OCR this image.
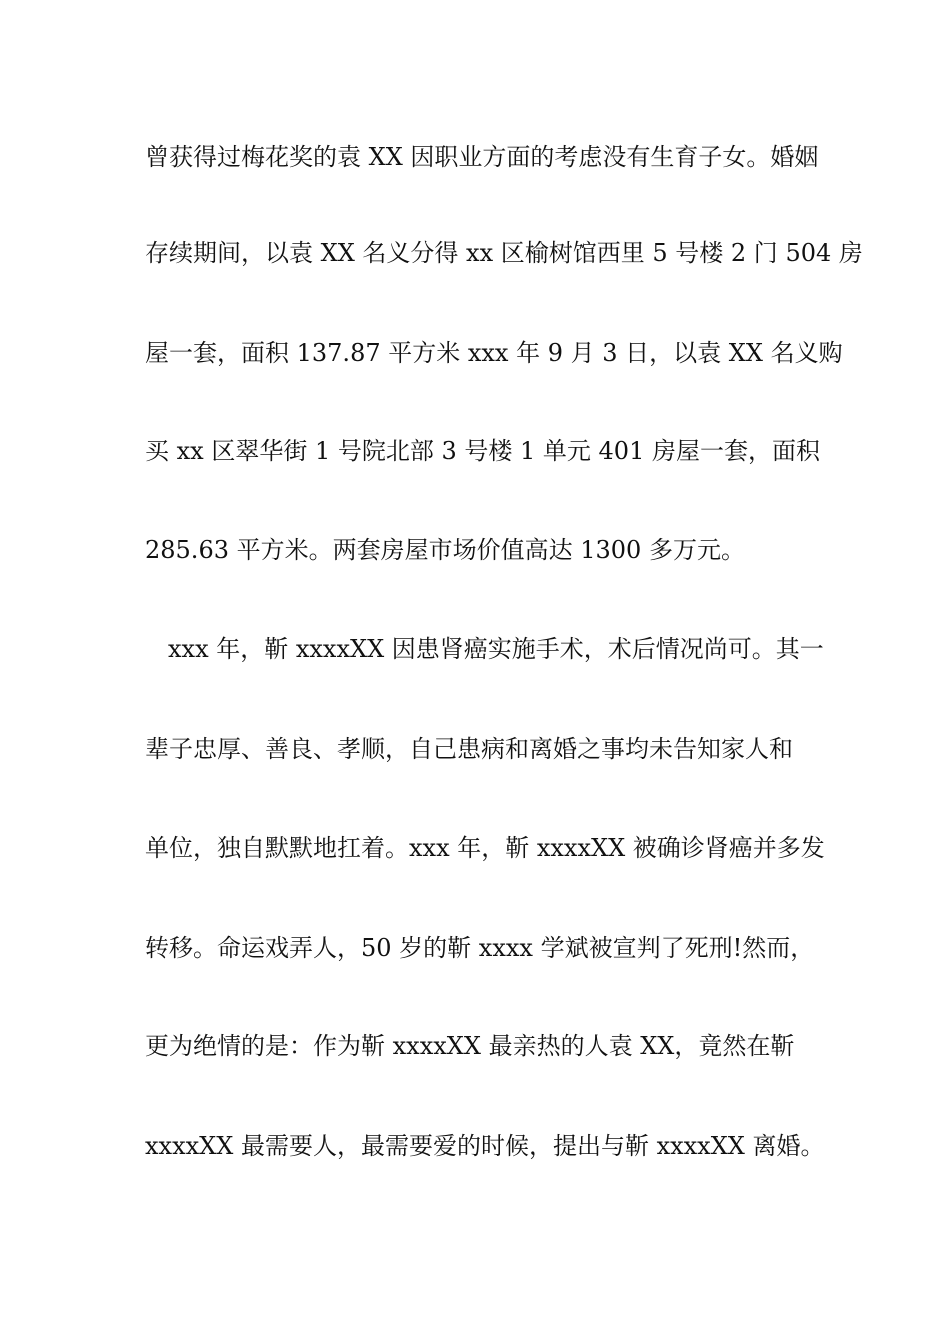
曾获得过梅花奖的袁 XX 因职业方面的考虑没有生育子女。婚姻
存续期间，以袁 XX 名义分得 xx 区榆树馆西里 5 号楼 2 门 504 房
屋一套，面积 137.87 平方米 xxx 年 9 月 3 日，以袁 XX 名义购
买 xx 区翠华街 1 号院北部 3 号楼 1 单元 401 房屋一套，面积
285.63 平方米。两套房屋市场价值高达 1300 多万元。
xxx 年，靳 xxxxXX 因患肾癌实施手术，术后情况尚可。其一
辈子忠厚、善良、孝顺，自己患病和离婚之事均未告知家人和
单位，独自默默地扛着。xxx 年，靳 xxxxXX 被确诊肾癌并多发
转移。命运戏弄人，50 岁的靳 xxxx 学斌被宣判了死刑!然而，
更为绝情的是：作为靳 xxxxXX 最亲热的人袁 XX，竟然在靳
xxxxXX 最需要人，最需要爱的时候，提出与靳 xxxxXX 离婚。
